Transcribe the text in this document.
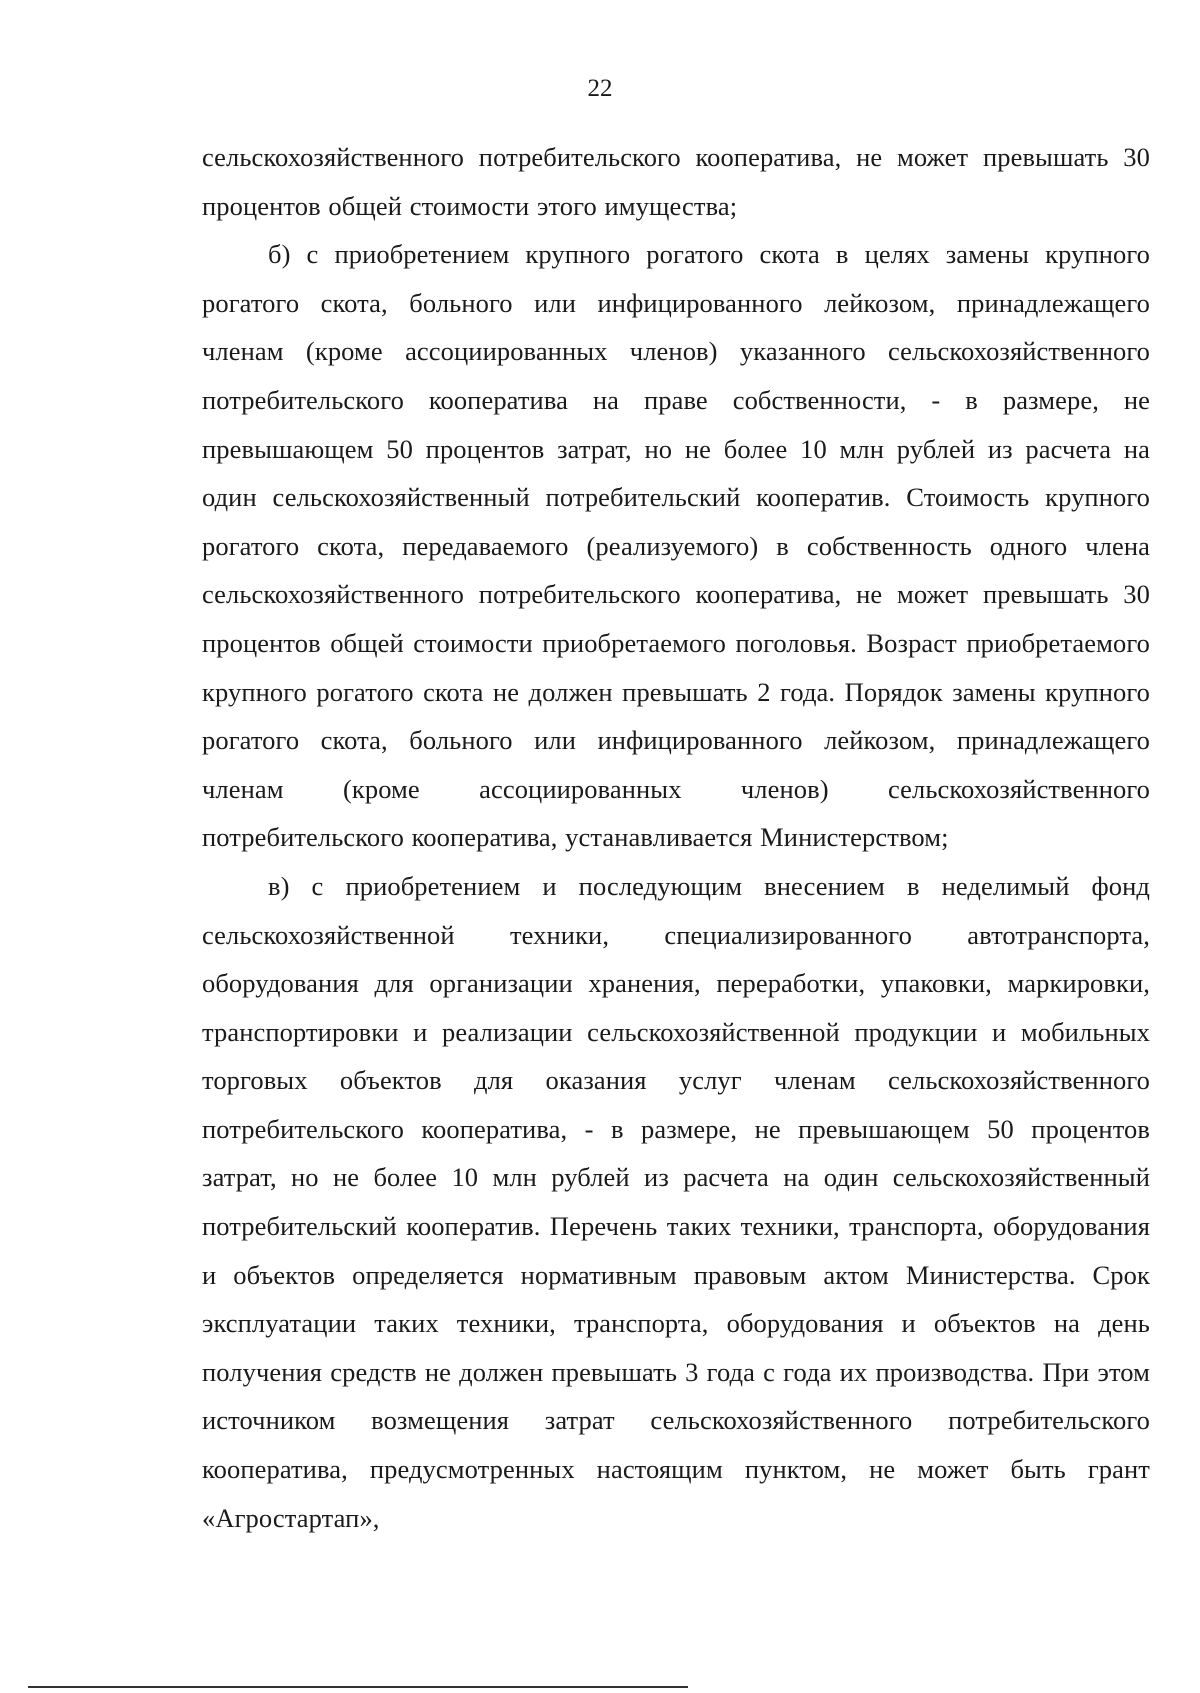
22

сельскохозяйственного потребительского кооператива, не может превышать 30 процентов общей стоимости этого имущества;

б) с приобретением крупного рогатого скота в целях замены крупного рогатого скота, больного или инфицированного лейкозом, принадлежащего членам (кроме ассоциированных членов) указанного сельскохозяйственного потребительского кооператива на праве собственности, - в размере, не превышающем 50 процентов затрат, но не более 10 млн рублей из расчета на один сельскохозяйственный потребительский кооператив. Стоимость крупного рогатого скота, передаваемого (реализуемого) в собственность одного члена сельскохозяйственного потребительского кооператива, не может превышать 30 процентов общей стоимости приобретаемого поголовья. Возраст приобретаемого крупного рогатого скота не должен превышать 2 года. Порядок замены крупного рогатого скота, больного или инфицированного лейкозом, принадлежащего членам (кроме ассоциированных членов) сельскохозяйственного потребительского кооператива, устанавливается Министерством;

в) с приобретением и последующим внесением в неделимый фонд сельскохозяйственной техники, специализированного автотранспорта, оборудования для организации хранения, переработки, упаковки, маркировки, транспортировки и реализации сельскохозяйственной продукции и мобильных торговых объектов для оказания услуг членам сельскохозяйственного потребительского кооператива, - в размере, не превышающем 50 процентов затрат, но не более 10 млн рублей из расчета на один сельскохозяйственный потребительский кооператив. Перечень таких техники, транспорта, оборудования и объектов определяется нормативным правовым актом Министерства. Срок эксплуатации таких техники, транспорта, оборудования и объектов на день получения средств не должен превышать 3 года с года их производства. При этом источником возмещения затрат сельскохозяйственного потребительского кооператива, предусмотренных настоящим пунктом, не может быть грант «Агростартап»,
